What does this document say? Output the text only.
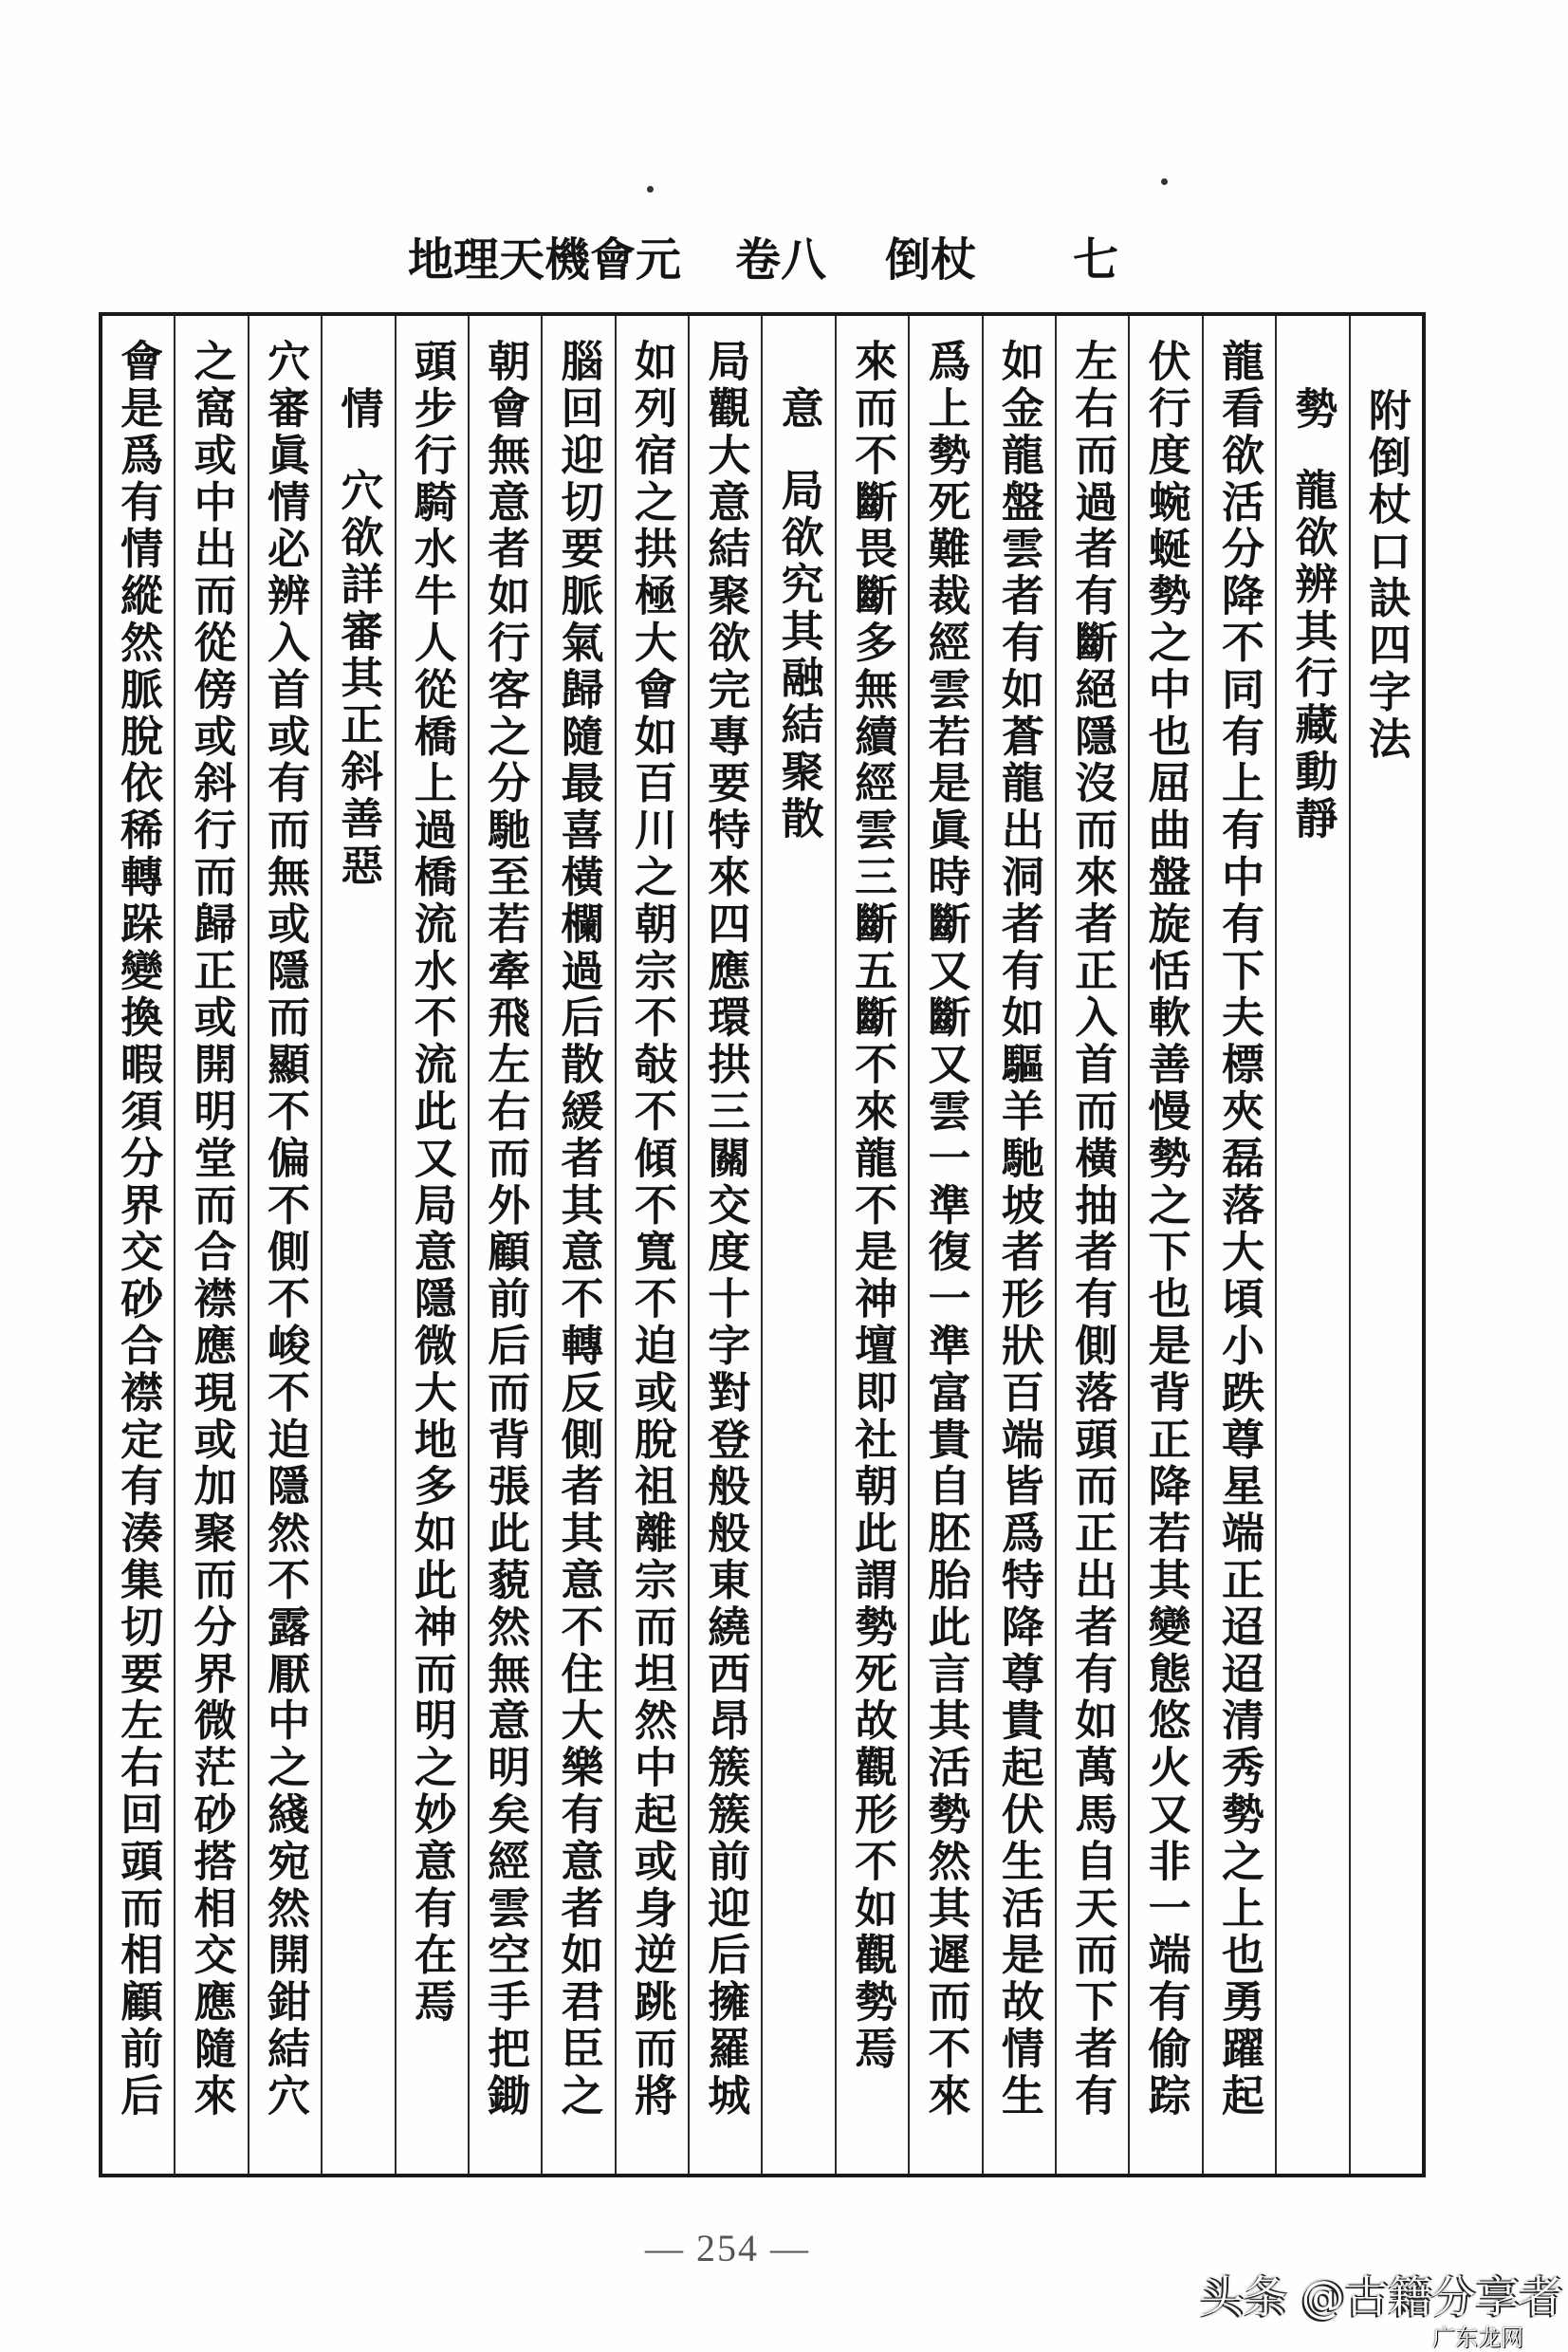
地理天機會元 卷八 倒杖 七
附倒杖口訣四字法
勢
龍欲辨其行藏動靜
龍看欲活分降不同有上有中有下夫標夾磊落大頃小跌尊星端正迢迢清秀勢之上也勇躍起
伏行度蜿蜒勢之中也屈曲盤旋恬軟善慢勢之下也是背正降若其變態悠火又非一端有偷踪
左右而過者有斷絕隱沒而來者正入首而橫抽者有側落頭而正出者有如萬馬自天而下者有
如金龍盤雲者有如蒼龍出洞者有如驅羊馳坡者形狀百端皆爲特降尊貴起伏生活是故情生
爲上勢死難裁經雲若是眞時斷又斷又雲一準復一準富貴自胚胎此言其活勢然其遲而不來
來而不斷畏斷多無續經雲三斷五斷不來龍不是神壇即社朝此謂勢死故觀形不如觀勢焉
意
局欲究其融結聚散
局觀大意結聚欲完專要特來四應環拱三關交度十字對登般般東繞西昂簇簇前迎后擁羅城
如列宿之拱極大會如百川之朝宗不敧不傾不寬不迫或脫祖離宗而坦然中起或身逆跳而將
腦回迎切要脈氣歸隨最喜橫欄過后散緩者其意不轉反側者其意不住大樂有意者如君臣之
朝會無意者如行客之分馳至若牽飛左右而外顧前后而背張此藐然無意明矣經雲空手把鋤
頭步行騎水牛人從橋上過橋流水不流此又局意隱微大地多如此神而明之妙意有在焉
情
穴欲詳審其正斜善惡
穴審眞情必辨入首或有而無或隱而顯不偏不側不峻不迫隱然不露厭中之綫宛然開鉗結穴
之窩或中出而從傍或斜行而歸正或開明堂而合襟應現或加聚而分界微茫砂搭相交應隨來
會是爲有情縱然脈脫依稀轉跺變換暇須分界交砂合襟定有湊集切要左右回頭而相顧前后
— 254 —
头条 @古籍分享者
广东龙网
